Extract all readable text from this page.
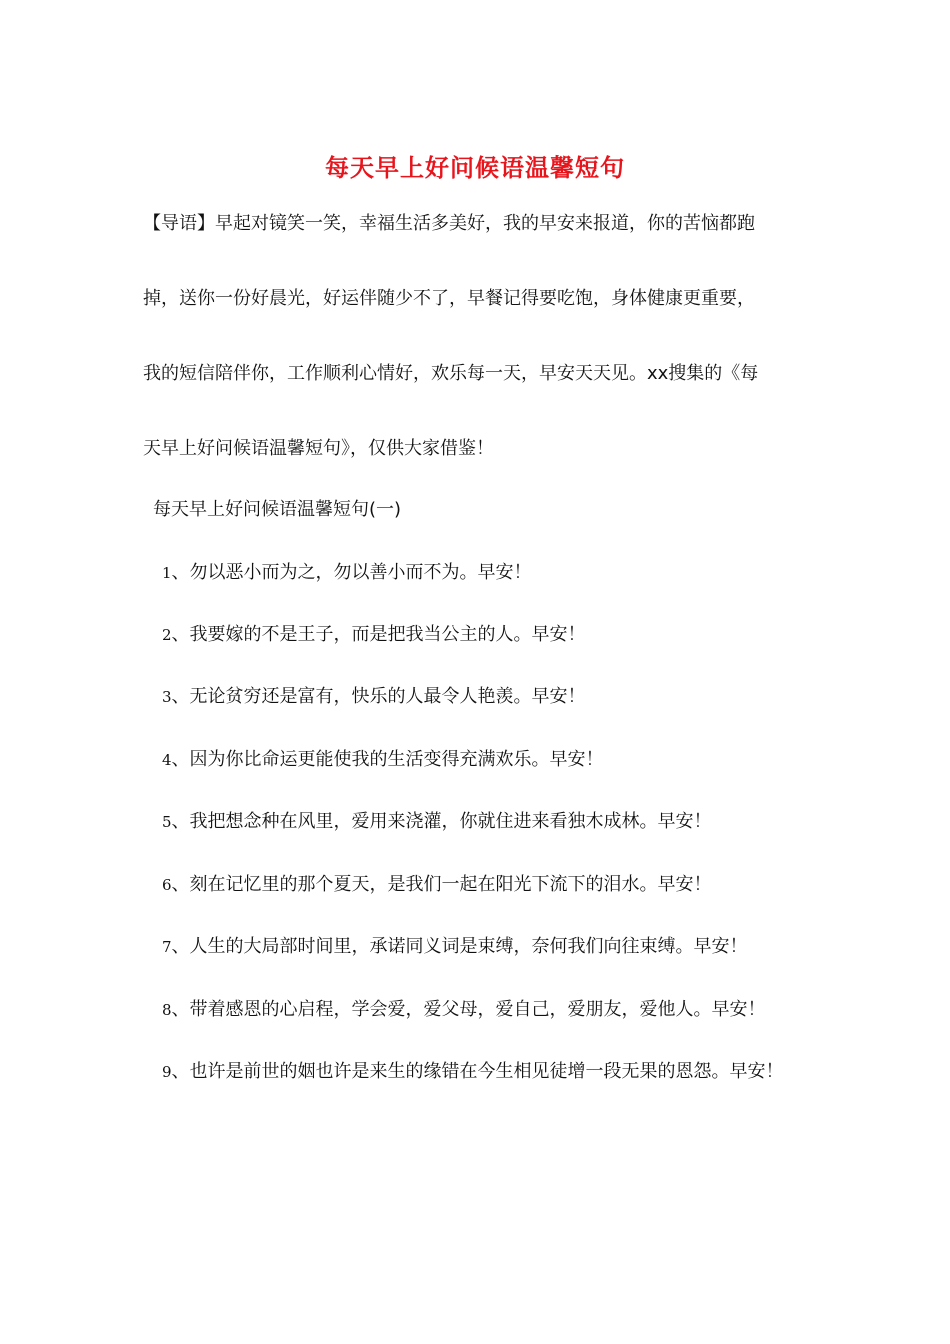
每天早上好问候语温馨短句

【导语】早起对镜笑一笑，幸福生活多美好，我的早安来报道，你的苦恼都跑

掉，送你一份好晨光，好运伴随少不了，早餐记得要吃饱，身体健康更重要，

我的短信陪伴你，工作顺利心情好，欢乐每一天，早安天天见。xx搜集的《每

天早上好问候语温馨短句》，仅供大家借鉴！

每天早上好问候语温馨短句(一)

1、勿以恶小而为之，勿以善小而不为。早安！

2、我要嫁的不是王子，而是把我当公主的人。早安！

3、无论贫穷还是富有，快乐的人最令人艳羡。早安！

4、因为你比命运更能使我的生活变得充满欢乐。早安！

5、我把想念种在风里，爱用来浇灌，你就住进来看独木成林。早安！

6、刻在记忆里的那个夏天，是我们一起在阳光下流下的泪水。早安！

7、人生的大局部时间里，承诺同义词是束缚，奈何我们向往束缚。早安！

8、带着感恩的心启程，学会爱，爱父母，爱自己，爱朋友，爱他人。早安！

9、也许是前世的姻也许是来生的缘错在今生相见徒增一段无果的恩怨。早安！
